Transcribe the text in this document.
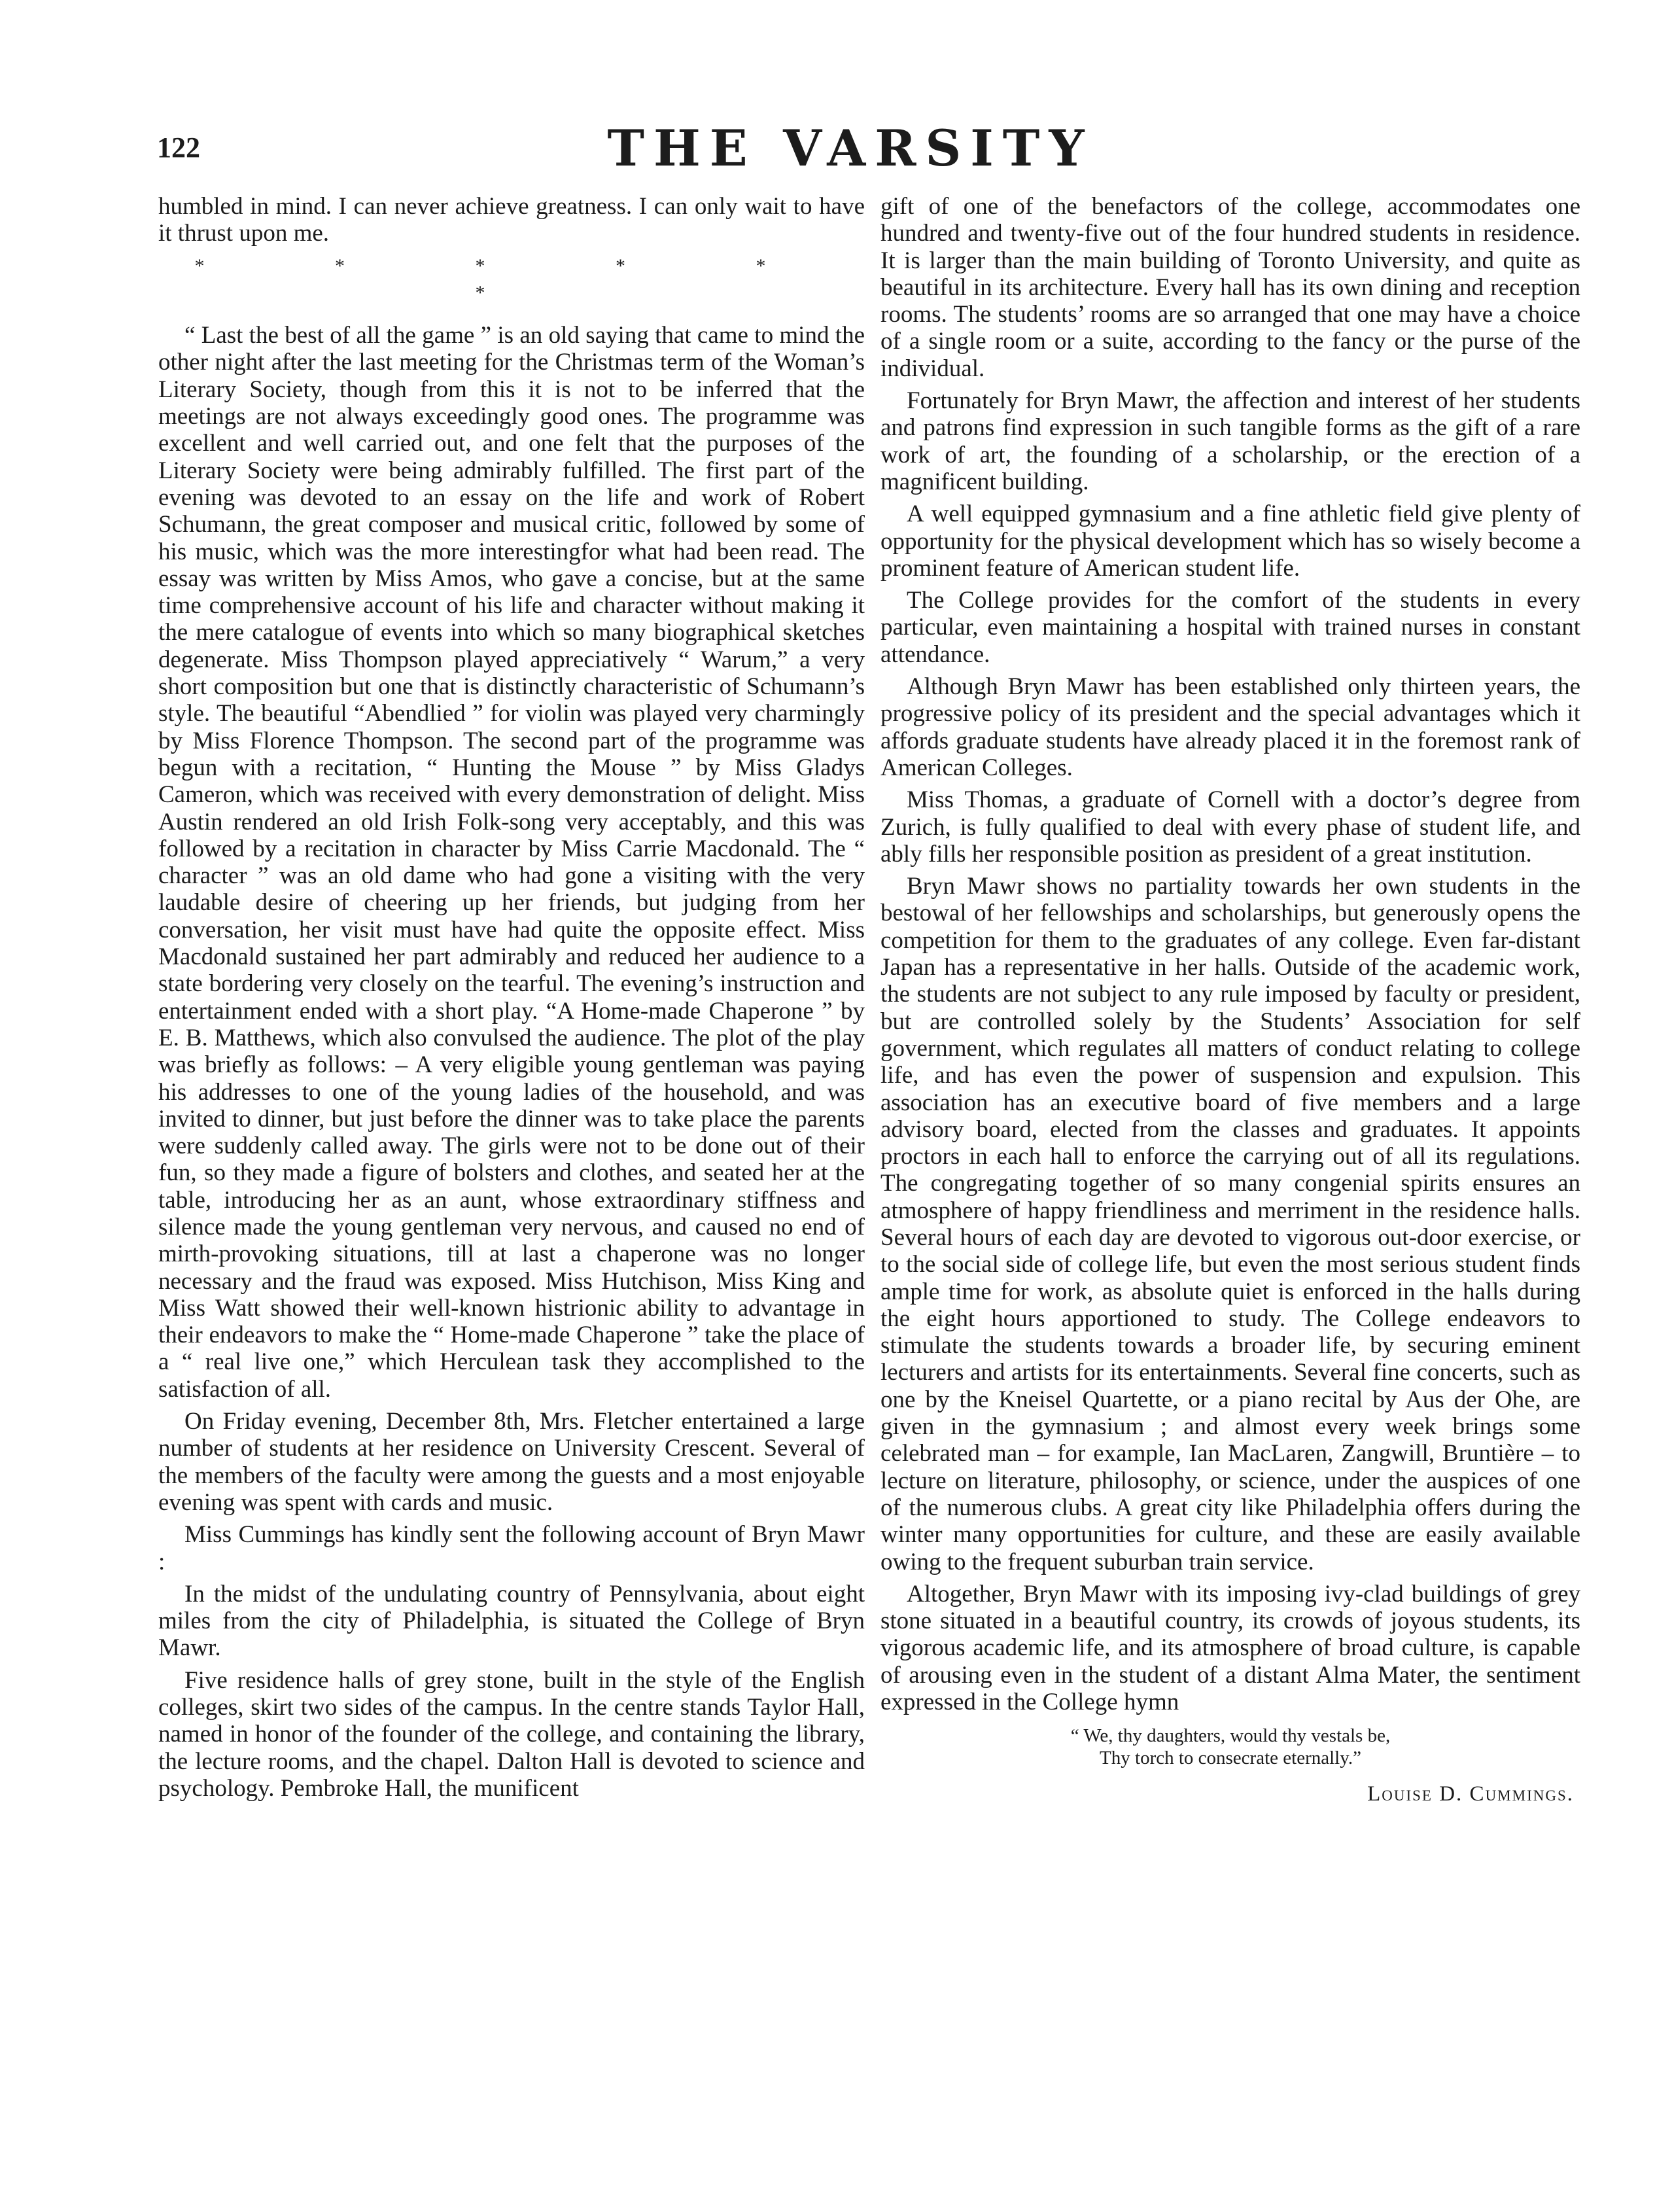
122	THE VARSITY

humbled in mind. I can never achieve greatness. I can only wait to have it thrust upon me.

* * * * * *

“ Last the best of all the game ” is an old saying that came to mind the other night after the last meeting for the Christmas term of the Woman’s Literary Society, though from this it is not to be inferred that the meetings are not always exceedingly good ones. The programme was excellent and well carried out, and one felt that the purposes of the Literary Society were being admirably fulfilled. The first part of the evening was devoted to an essay on the life and work of Robert Schumann, the great composer and musical critic, followed by some of his music, which was the more interestingfor what had been read. The essay was written by Miss Amos, who gave a concise, but at the same time comprehensive account of his life and character without making it the mere catalogue of events into which so many biographical sketches degenerate. Miss Thompson played appreciatively “ Warum,” a very short composition but one that is distinctly characteristic of Schumann’s style. The beautiful “Abendlied ” for violin was played very charmingly by Miss Florence Thompson. The second part of the programme was begun with a recitation, “ Hunting the Mouse ” by Miss Gladys Cameron, which was received with every demonstration of delight. Miss Austin rendered an old Irish Folk-song very acceptably, and this was followed by a recitation in character by Miss Carrie Macdonald. The “ character ” was an old dame who had gone a visiting with the very laudable desire of cheering up her friends, but judging from her conversation, her visit must have had quite the opposite effect. Miss Macdonald sustained her part admirably and reduced her audience to a state bordering very closely on the tearful. The evening’s instruction and entertainment ended with a short play. “A Home-made Chaperone ” by E. B. Matthews, which also convulsed the audience. The plot of the play was briefly as follows: – A very eligible young gentleman was paying his addresses to one of the young ladies of the household, and was invited to dinner, but just before the dinner was to take place the parents were suddenly called away. The girls were not to be done out of their fun, so they made a figure of bolsters and clothes, and seated her at the table, introducing her as an aunt, whose extraordinary stiffness and silence made the young gentleman very nervous, and caused no end of mirth-provoking situations, till at last a chaperone was no longer necessary and the fraud was exposed. Miss Hutchison, Miss King and Miss Watt showed their well-known histrionic ability to advantage in their endeavors to make the “ Home-made Chaperone ” take the place of a “ real live one,” which Herculean task they accomplished to the satisfaction of all.

On Friday evening, December 8th, Mrs. Fletcher entertained a large number of students at her residence on University Crescent. Several of the members of the faculty were among the guests and a most enjoyable evening was spent with cards and music.

Miss Cummings has kindly sent the following account of Bryn Mawr :

In the midst of the undulating country of Pennsylvania, about eight miles from the city of Philadelphia, is situated the College of Bryn Mawr.

Five residence halls of grey stone, built in the style of the English colleges, skirt two sides of the campus. In the centre stands Taylor Hall, named in honor of the founder of the college, and containing the library, the lecture rooms, and the chapel. Dalton Hall is devoted to science and psychology. Pembroke Hall, the munificent

gift of one of the benefactors of the college, accommodates one hundred and twenty-five out of the four hundred students in residence. It is larger than the main building of Toronto University, and quite as beautiful in its architecture. Every hall has its own dining and reception rooms. The students’ rooms are so arranged that one may have a choice of a single room or a suite, according to the fancy or the purse of the individual.

Fortunately for Bryn Mawr, the affection and interest of her students and patrons find expression in such tangible forms as the gift of a rare work of art, the founding of a scholarship, or the erection of a magnificent building.

A well equipped gymnasium and a fine athletic field give plenty of opportunity for the physical development which has so wisely become a prominent feature of American student life.

The College provides for the comfort of the students in every particular, even maintaining a hospital with trained nurses in constant attendance.

Although Bryn Mawr has been established only thirteen years, the progressive policy of its president and the special advantages which it affords graduate students have already placed it in the foremost rank of American Colleges.

Miss Thomas, a graduate of Cornell with a doctor’s degree from Zurich, is fully qualified to deal with every phase of student life, and ably fills her responsible position as president of a great institution.

Bryn Mawr shows no partiality towards her own students in the bestowal of her fellowships and scholarships, but generously opens the competition for them to the graduates of any college. Even far-distant Japan has a representative in her halls. Outside of the academic work, the students are not subject to any rule imposed by faculty or president, but are controlled solely by the Students’ Association for self government, which regulates all matters of conduct relating to college life, and has even the power of suspension and expulsion. This association has an executive board of five members and a large advisory board, elected from the classes and graduates. It appoints proctors in each hall to enforce the carrying out of all its regulations. The congregating together of so many congenial spirits ensures an atmosphere of happy friendliness and merriment in the residence halls. Several hours of each day are devoted to vigorous out-door exercise, or to the social side of college life, but even the most serious student finds ample time for work, as absolute quiet is enforced in the halls during the eight hours apportioned to study. The College endeavors to stimulate the students towards a broader life, by securing eminent lecturers and artists for its entertainments. Several fine concerts, such as one by the Kneisel Quartette, or a piano recital by Aus der Ohe, are given in the gymnasium ; and almost every week brings some celebrated man – for example, Ian MacLaren, Zangwill, Bruntière – to lecture on literature, philosophy, or science, under the auspices of one of the numerous clubs. A great city like Philadelphia offers during the winter many opportunities for culture, and these are easily available owing to the frequent suburban train service.

Altogether, Bryn Mawr with its imposing ivy-clad buildings of grey stone situated in a beautiful country, its crowds of joyous students, its vigorous academic life, and its atmosphere of broad culture, is capable of arousing even in the student of a distant Alma Mater, the sentiment expressed in the College hymn

“ We, thy daughters, would thy vestals be,
Thy torch to consecrate eternally.”
Louise D. Cummings.
